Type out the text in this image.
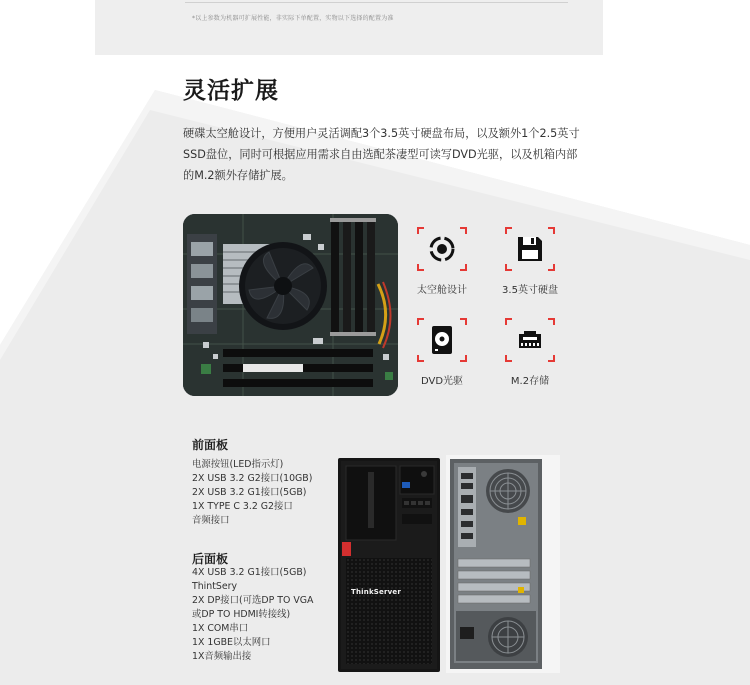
*以上参数为机器可扩展性能，非实际下单配置，实物以下选择的配置为准
灵活扩展
硬碟太空舱设计，方便用户灵活调配3个3.5英寸硬盘布局，以及额外1个2.5英寸SSD盘位，同时可根据应用需求自由选配茶凄型可读写DVD光驱，以及机箱内部的M.2额外存储扩展。
太空舱设计	3.5英寸硬盘
DVD光驱	M.2存储
前面板
电源按钮(LED指示灯)
2X USB 3.2 G2接口(10GB)
2X USB 3.2 G1接口(5GB)
1X TYPE C 3.2 G2接口
音频接口
后面板
4X USB 3.2 G1接口(5GB)
ThintSery
2X DP接口(可选DP TO VGA
或DP TO HDMI转接线)
1X COM串口
1X 1GBE以太网口
1X音频输出接
ThinkServer
